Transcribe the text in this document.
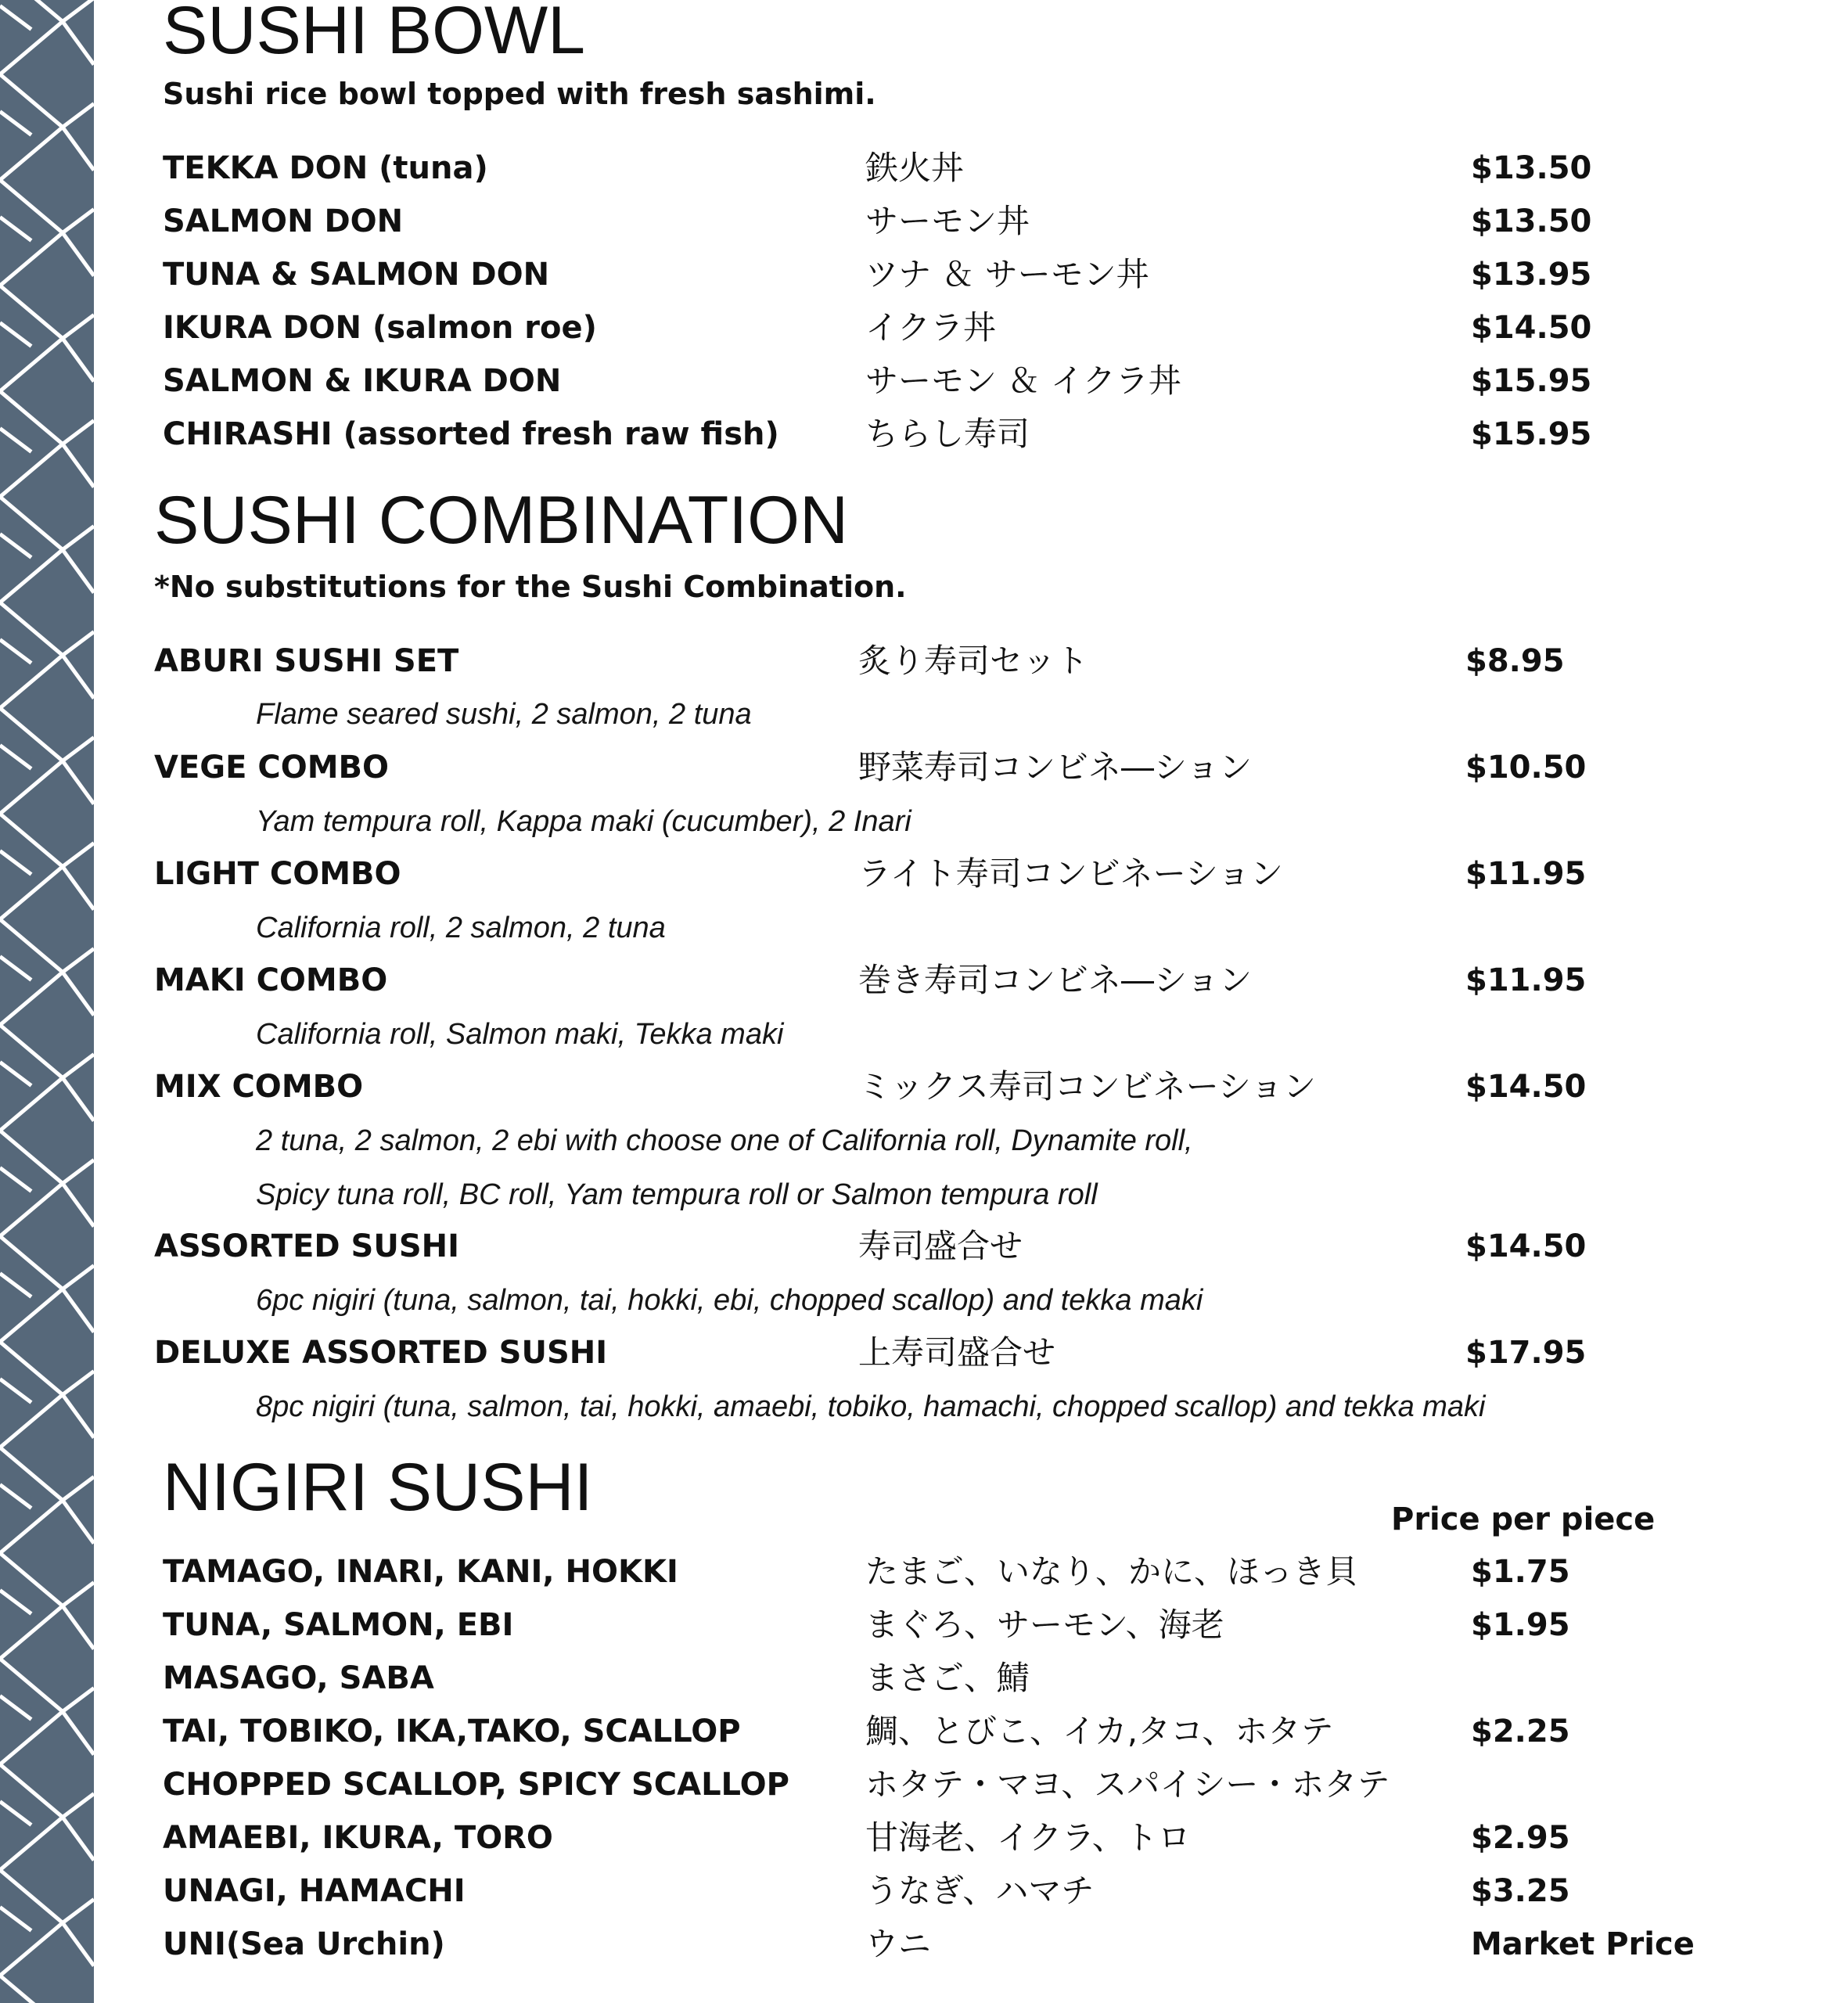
SUSHI BOWL
Sushi rice bowl topped with fresh sashimi.
TEKKA DON (tuna)	鉄火丼	$13.50
SALMON DON	サーモン丼	$13.50
TUNA & SALMON DON	ツナ ＆ サーモン丼	$13.95
IKURA DON (salmon roe)	イクラ丼	$14.50
SALMON & IKURA DON	サーモン ＆ イクラ丼	$15.95
CHIRASHI (assorted fresh raw fish)	ちらし寿司	$15.95
SUSHI COMBINATION
*No substitutions for the Sushi Combination.
ABURI SUSHI SET	炙り寿司セット	$8.95
Flame seared sushi, 2 salmon, 2 tuna
VEGE COMBO	野菜寿司コンビネ―ション	$10.50
Yam tempura roll, Kappa maki (cucumber), 2 Inari
LIGHT COMBO	ライト寿司コンビネーション	$11.95
California roll, 2 salmon, 2 tuna
MAKI COMBO	巻き寿司コンビネ―ション	$11.95
California roll, Salmon maki, Tekka maki
MIX COMBO	ミックス寿司コンビネーション	$14.50
2 tuna, 2 salmon, 2 ebi with choose one of California roll, Dynamite roll,
Spicy tuna roll, BC roll, Yam tempura roll or Salmon tempura roll
ASSORTED SUSHI	寿司盛合せ	$14.50
6pc nigiri (tuna, salmon, tai, hokki, ebi, chopped scallop) and tekka maki
DELUXE ASSORTED SUSHI	上寿司盛合せ	$17.95
8pc nigiri (tuna, salmon, tai, hokki, amaebi, tobiko, hamachi, chopped scallop) and tekka maki
NIGIRI SUSHI	Price per piece
TAMAGO, INARI, KANI, HOKKI	たまご、いなり、かに、ほっき貝	$1.75
TUNA, SALMON, EBI	まぐろ、サーモン、海老	$1.95
MASAGO, SABA	まさご、鯖
TAI, TOBIKO, IKA,TAKO, SCALLOP	鯛、とびこ、イカ,タコ、ホタテ	$2.25
CHOPPED SCALLOP, SPICY SCALLOP ホタテ・マヨ、スパイシー・ホタテ
AMAEBI, IKURA, TORO	甘海老、イクラ、トロ	$2.95
UNAGI, HAMACHI	うなぎ、ハマチ	$3.25
UNI(Sea Urchin)	ウニ	Market Price
